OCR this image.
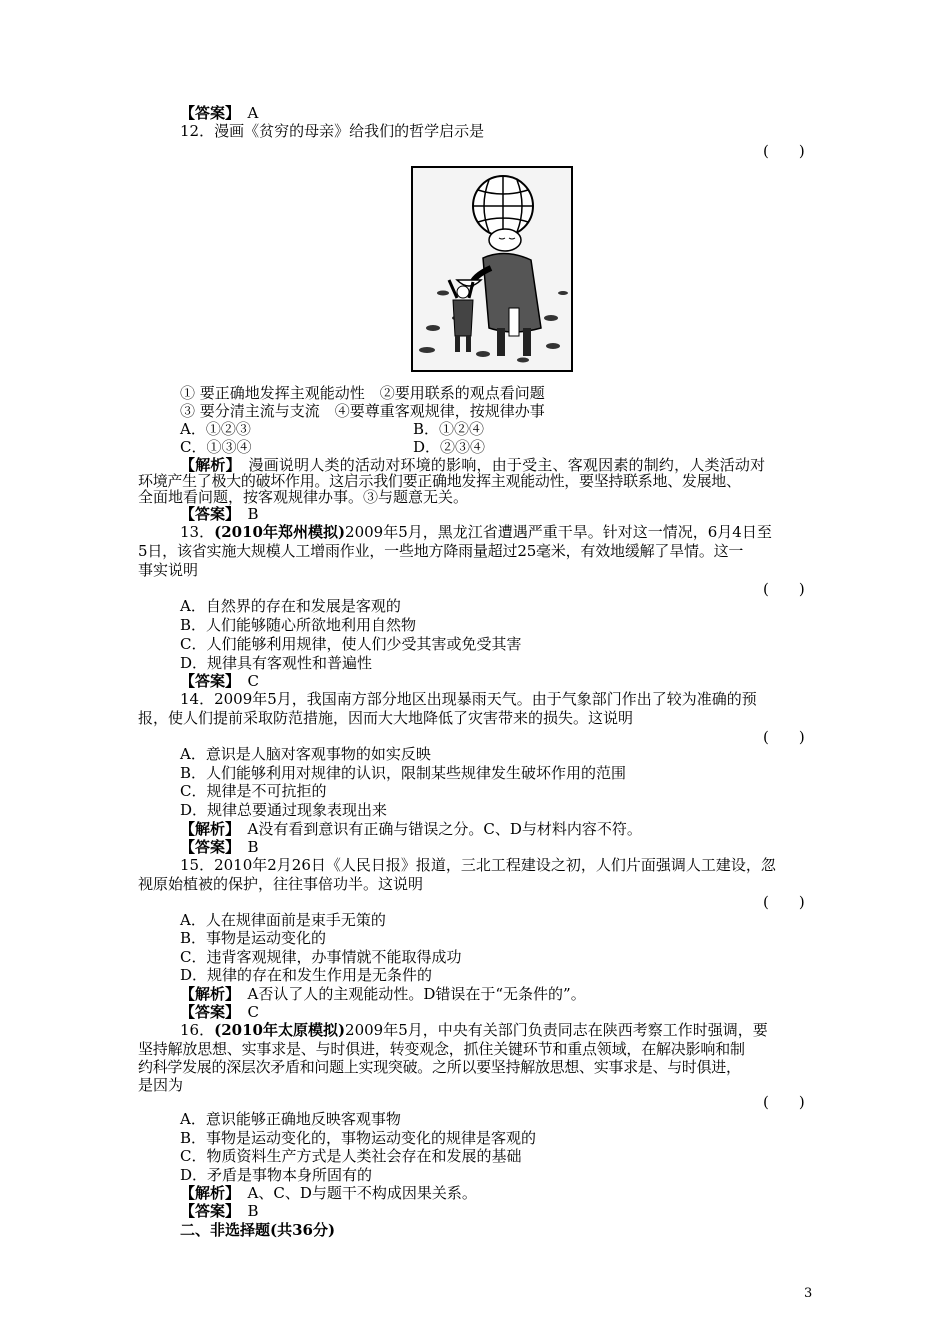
【答案】　 A
12．漫画《贫穷的母亲》给我们的哲学启示是
(　　)
① 要正确地发挥主观能动性　②要用联系的观点看问题
③ 要分清主流与支流　④要尊重客观规律，按规律办事
A．①②③	B．①②④
C．①③④	D．②③④
【解析】　 漫画说明人类的活动对环境的影响，由于受主、客观因素的制约，人类活动对
环境产生了极大的破坏作用。这启示我们要正确地发挥主观能动性，要坚持联系地、发展地、
全面地看问题，按客观规律办事。③与题意无关。
【答案】　 B
13．(2010年郑州模拟)2009年5月，黑龙江省遭遇严重干旱。针对这一情况，6月4日至
5日，该省实施大规模人工增雨作业，一些地方降雨量超过25毫米，有效地缓解了旱情。这一
事实说明
(　　)
A．自然界的存在和发展是客观的
B．人们能够随心所欲地利用自然物
C．人们能够利用规律，使人们少受其害或免受其害
D．规律具有客观性和普遍性
【答案】　 C
14．2009年5月，我国南方部分地区出现暴雨天气。由于气象部门作出了较为准确的预
报，使人们提前采取防范措施，因而大大地降低了灾害带来的损失。这说明
(　　)
A．意识是人脑对客观事物的如实反映
B．人们能够利用对规律的认识，限制某些规律发生破坏作用的范围
C．规律是不可抗拒的
D．规律总要通过现象表现出来
【解析】　 A没有看到意识有正确与错误之分。C、D与材料内容不符。
【答案】　 B
15．2010年2月26日《人民日报》报道，三北工程建设之初，人们片面强调人工建设，忽
视原始植被的保护，往往事倍功半。这说明
(　　)
A．人在规律面前是束手无策的
B．事物是运动变化的
C．违背客观规律，办事情就不能取得成功
D．规律的存在和发生作用是无条件的
【解析】　 A否认了人的主观能动性。D错误在于“无条件的”。
【答案】　 C
16．(2010年太原模拟)2009年5月，中央有关部门负责同志在陕西考察工作时强调，要
坚持解放思想、实事求是、与时俱进，转变观念，抓住关键环节和重点领域，在解决影响和制
约科学发展的深层次矛盾和问题上实现突破。之所以要坚持解放思想、实事求是、与时俱进，
是因为
(　　)
A．意识能够正确地反映客观事物
B．事物是运动变化的，事物运动变化的规律是客观的
C．物质资料生产方式是人类社会存在和发展的基础
D．矛盾是事物本身所固有的
【解析】　 A、C、D与题干不构成因果关系。
【答案】　 B
二、非选择题(共36分)
3
